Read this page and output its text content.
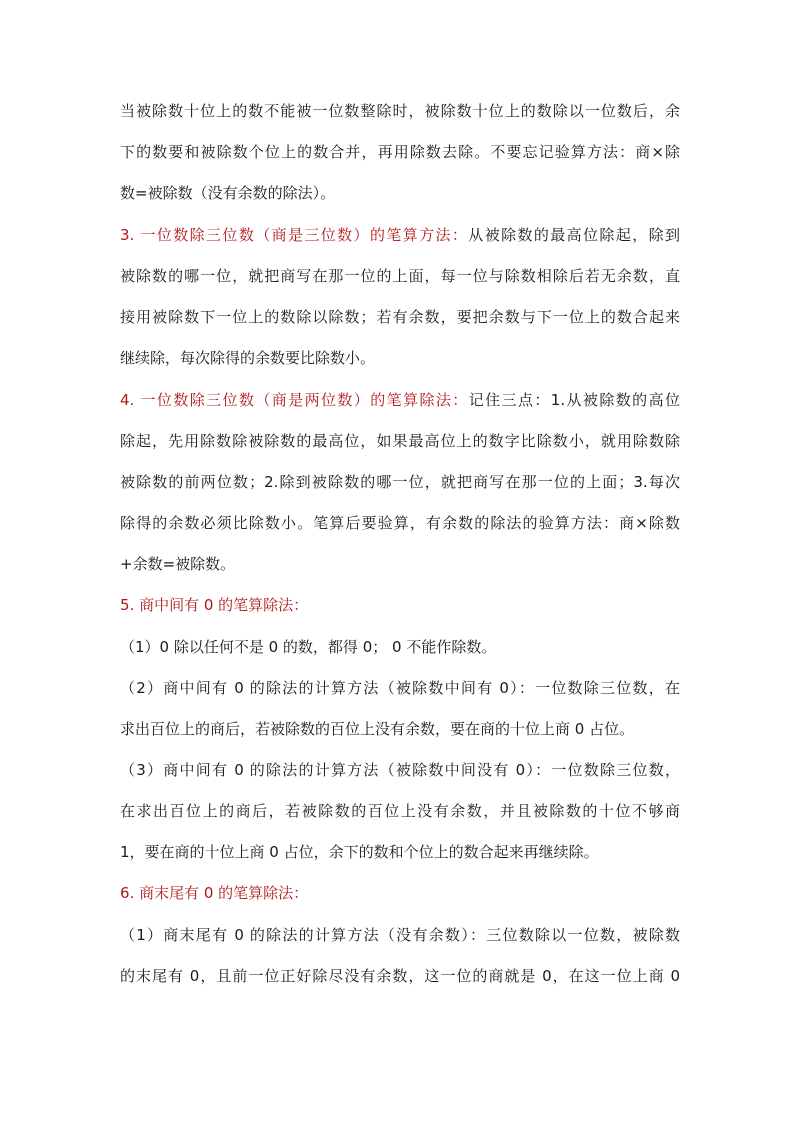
当被除数十位上的数不能被一位数整除时，被除数十位上的数除以一位数后，余
下的数要和被除数个位上的数合并，再用除数去除。不要忘记验算方法：商×除
数=被除数（没有余数的除法）。
3. 一位数除三位数（商是三位数）的笔算方法：从被除数的最高位除起，除到
被除数的哪一位，就把商写在那一位的上面，每一位与除数相除后若无余数，直
接用被除数下一位上的数除以除数；若有余数，要把余数与下一位上的数合起来
继续除，每次除得的余数要比除数小。
4. 一位数除三位数（商是两位数）的笔算除法：记住三点：1.从被除数的高位
除起，先用除数除被除数的最高位，如果最高位上的数字比除数小，就用除数除
被除数的前两位数；2.除到被除数的哪一位，就把商写在那一位的上面；3.每次
除得的余数必须比除数小。笔算后要验算，有余数的除法的验算方法：商×除数
+余数=被除数。
5. 商中间有 0 的笔算除法：
（1）0 除以任何不是 0 的数，都得 0； 0 不能作除数。
（2）商中间有 0 的除法的计算方法（被除数中间有 0）：一位数除三位数，在
求出百位上的商后，若被除数的百位上没有余数，要在商的十位上商 0 占位。
（3）商中间有 0 的除法的计算方法（被除数中间没有 0）：一位数除三位数，
在求出百位上的商后，若被除数的百位上没有余数，并且被除数的十位不够商
1，要在商的十位上商 0 占位，余下的数和个位上的数合起来再继续除。
6. 商末尾有 0 的笔算除法：
（1）商末尾有 0 的除法的计算方法（没有余数）：三位数除以一位数，被除数
的末尾有 0，且前一位正好除尽没有余数，这一位的商就是 0，在这一位上商 0
